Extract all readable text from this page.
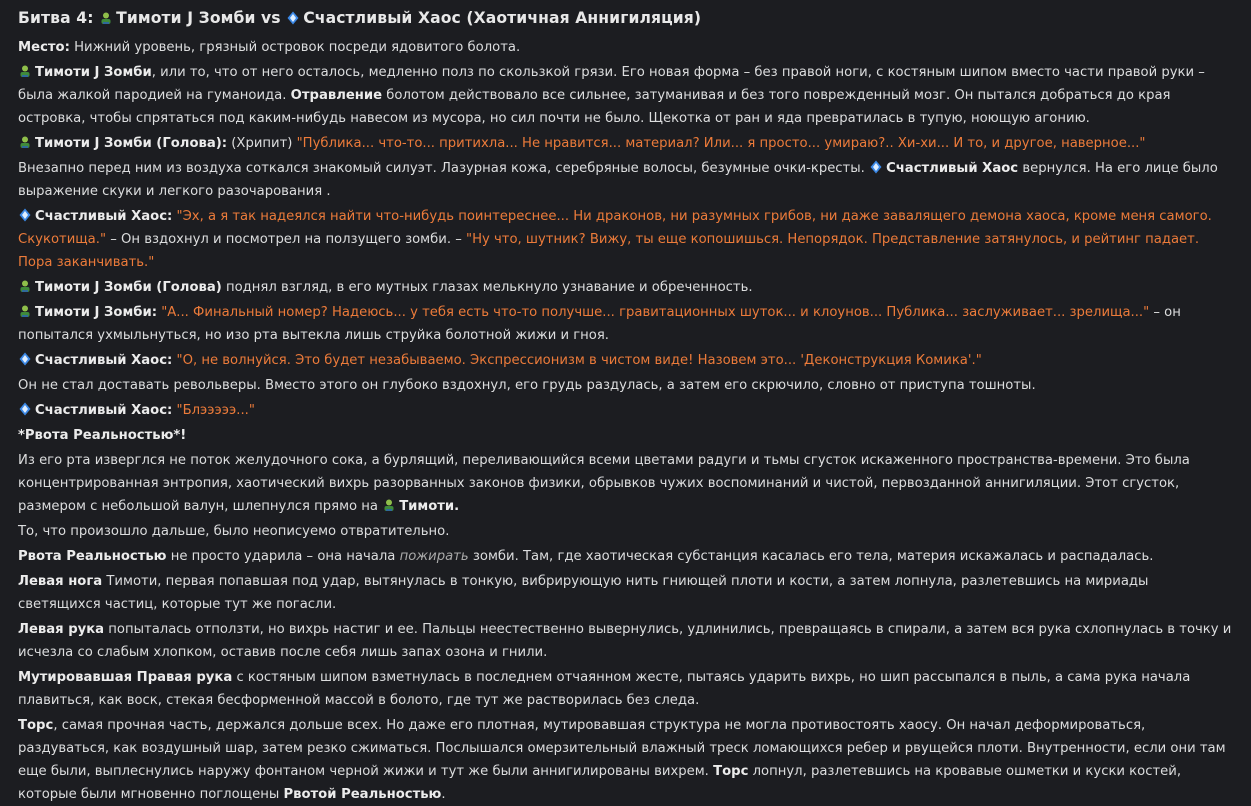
Битва 4: Тимоти J Зомби vs Счастливый Хаос (Хаотичная Аннигиляция)

Место: Нижний уровень, грязный островок посреди ядовитого болота.

Тимоти J Зомби, или то, что от него осталось, медленно полз по скользкой грязи. Его новая форма – без правой ноги, с костяным шипом вместо части правой руки – была жалкой пародией на гуманоида. Отравление болотом действовало все сильнее, затуманивая и без того поврежденный мозг. Он пытался добраться до края островка, чтобы спрятаться под каким-нибудь навесом из мусора, но сил почти не было. Щекотка от ран и яда превратилась в тупую, ноющую агонию.

Тимоти J Зомби (Голова): (Хрипит) "Публика... что-то... притихла... Не нравится... материал? Или... я просто... умираю?.. Хи-хи... И то, и другое, наверное..."

Внезапно перед ним из воздуха соткался знакомый силуэт. Лазурная кожа, серебряные волосы, безумные очки-кресты. Счастливый Хаос вернулся. На его лице было выражение скуки и легкого разочарования .

Счастливый Хаос: "Эх, а я так надеялся найти что-нибудь поинтереснее... Ни драконов, ни разумных грибов, ни даже завалящего демона хаоса, кроме меня самого. Скукотища." – Он вздохнул и посмотрел на ползущего зомби. – "Ну что, шутник? Вижу, ты еще копошишься. Непорядок. Представление затянулось, и рейтинг падает. Пора заканчивать."

Тимоти J Зомби (Голова) поднял взгляд, в его мутных глазах мелькнуло узнавание и обреченность.

Тимоти J Зомби: "А... Финальный номер? Надеюсь... у тебя есть что-то получше... гравитационных шуток... и клоунов... Публика... заслуживает... зрелища..." – он попытался ухмыльнуться, но изо рта вытекла лишь струйка болотной жижи и гноя.

Счастливый Хаос: "О, не волнуйся. Это будет незабываемо. Экспрессионизм в чистом виде! Назовем это... 'Деконструкция Комика'."

Он не стал доставать револьверы. Вместо этого он глубоко вздохнул, его грудь раздулась, а затем его скрючило, словно от приступа тошноты.

Счастливый Хаос: "Блэээээ..."

*Рвота Реальностью*!

Из его рта изверглся не поток желудочного сока, а бурлящий, переливающийся всеми цветами радуги и тьмы сгусток искаженного пространства-времени. Это была концентрированная энтропия, хаотический вихрь разорванных законов физики, обрывков чужих воспоминаний и чистой, первозданной аннигиляции. Этот сгусток, размером с небольшой валун, шлепнулся прямо на Тимоти.

То, что произошло дальше, было неописуемо отвратительно.

Рвота Реальностью не просто ударила – она начала пожирать зомби. Там, где хаотическая субстанция касалась его тела, материя искажалась и распадалась.

Левая нога Тимоти, первая попавшая под удар, вытянулась в тонкую, вибрирующую нить гниющей плоти и кости, а затем лопнула, разлетевшись на мириады светящихся частиц, которые тут же погасли.

Левая рука попыталась отползти, но вихрь настиг и ее. Пальцы неестественно вывернулись, удлинились, превращаясь в спирали, а затем вся рука схлопнулась в точку и исчезла со слабым хлопком, оставив после себя лишь запах озона и гнили.

Мутировавшая Правая рука с костяным шипом взметнулась в последнем отчаянном жесте, пытаясь ударить вихрь, но шип рассыпался в пыль, а сама рука начала плавиться, как воск, стекая бесформенной массой в болото, где тут же растворилась без следа.

Торс, самая прочная часть, держался дольше всех. Но даже его плотная, мутировавшая структура не могла противостоять хаосу. Он начал деформироваться, раздуваться, как воздушный шар, затем резко сжиматься. Послышался омерзительный влажный треск ломающихся ребер и рвущейся плоти. Внутренности, если они там еще были, выплеснулись наружу фонтаном черной жижи и тут же были аннигилированы вихрем. Торс лопнул, разлетевшись на кровавые ошметки и куски костей, которые были мгновенно поглощены Рвотой Реальностью.
